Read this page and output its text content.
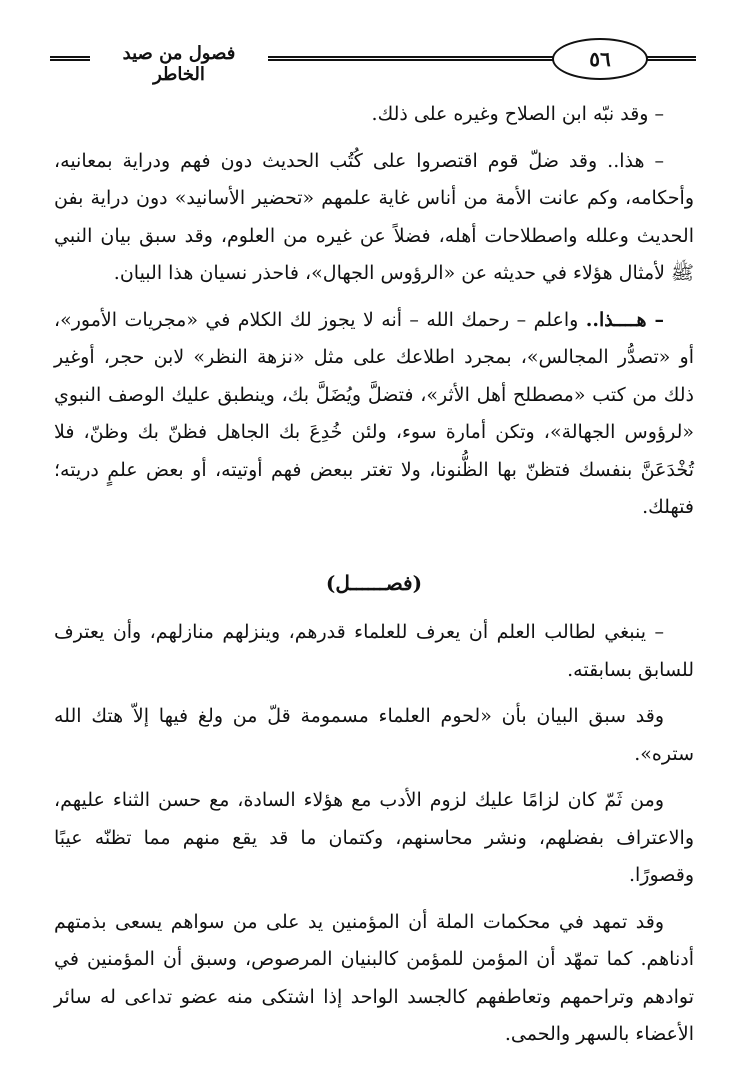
فصول من صيد الخاطر
٥٦

– وقد نبّه ابن الصلاح وغيره على ذلك.

– هذا.. وقد ضلّ قوم اقتصروا على كُتُب الحديث دون فهم ودراية بمعانيه، وأحكامه، وكم عانت الأمة من أناس غاية علمهم «تحضير الأسانيد» دون دراية بفن الحديث وعلله واصطلاحات أهله، فضلاً عن غيره من العلوم، وقد سبق بيان النبي ﷺ لأمثال هؤلاء في حديثه عن «الرؤوس الجهال»، فاحذر نسيان هذا البيان.

– هــــذا.. واعلم – رحمك الله – أنه لا يجوز لك الكلام في «مجريات الأمور»، أو «تصدُّر المجالس»، بمجرد اطلاعك على مثل «نزهة النظر» لابن حجر، أوغير ذلك من كتب «مصطلح أهل الأثر»، فتضلَّ ويُضَلَّ بك، وينطبق عليك الوصف النبوي «لرؤوس الجهالة»، وتكن أمارة سوء، ولئن خُدِعَ بك الجاهل فظنّ بك وظنّ، فلا تُخْدَعَنَّ بنفسك فتظنّ بها الظُّنونا، ولا تغتر ببعض فهم أوتيته، أو بعض علمٍ دريته؛ فتهلك.

(فصــــــل)

– ينبغي لطالب العلم أن يعرف للعلماء قدرهم، وينزلهم منازلهم، وأن يعترف للسابق بسابقته.

وقد سبق البيان بأن «لحوم العلماء مسمومة قلّ من ولغ فيها إلاّ هتك الله ستره».

ومن ثَمّ كان لزامًا عليك لزوم الأدب مع هؤلاء السادة، مع حسن الثناء عليهم، والاعتراف بفضلهم، ونشر محاسنهم، وكتمان ما قد يقع منهم مما تظنّه عيبًا وقصورًا.

وقد تمهد في محكمات الملة أن المؤمنين يد على من سواهم يسعى بذمتهم أدناهم. كما تمهّد أن المؤمن للمؤمن كالبنيان المرصوص، وسبق أن المؤمنين في توادهم وتراحمهم وتعاطفهم كالجسد الواحد إذا اشتكى منه عضو تداعى له سائر الأعضاء بالسهر والحمى.
